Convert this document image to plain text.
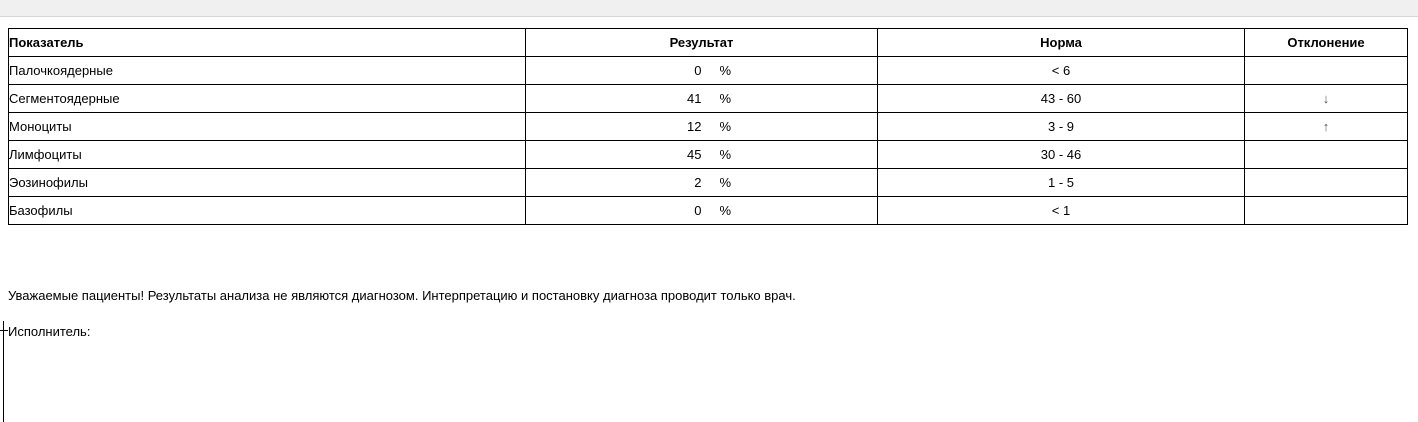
Показатель	Результат	Норма	Отклонение
Палочкоядерные	0 %	< 6	
Сегментоядерные	41 %	43 - 60	↓
Моноциты	12 %	3 - 9	↑
Лимфоциты	45 %	30 - 46	
Эозинофилы	2 %	1 - 5	
Базофилы	0 %	< 1	
Уважаемые пациенты! Результаты анализа не являются диагнозом. Интерпретацию и постановку диагноза проводит только врач.
Исполнитель:
